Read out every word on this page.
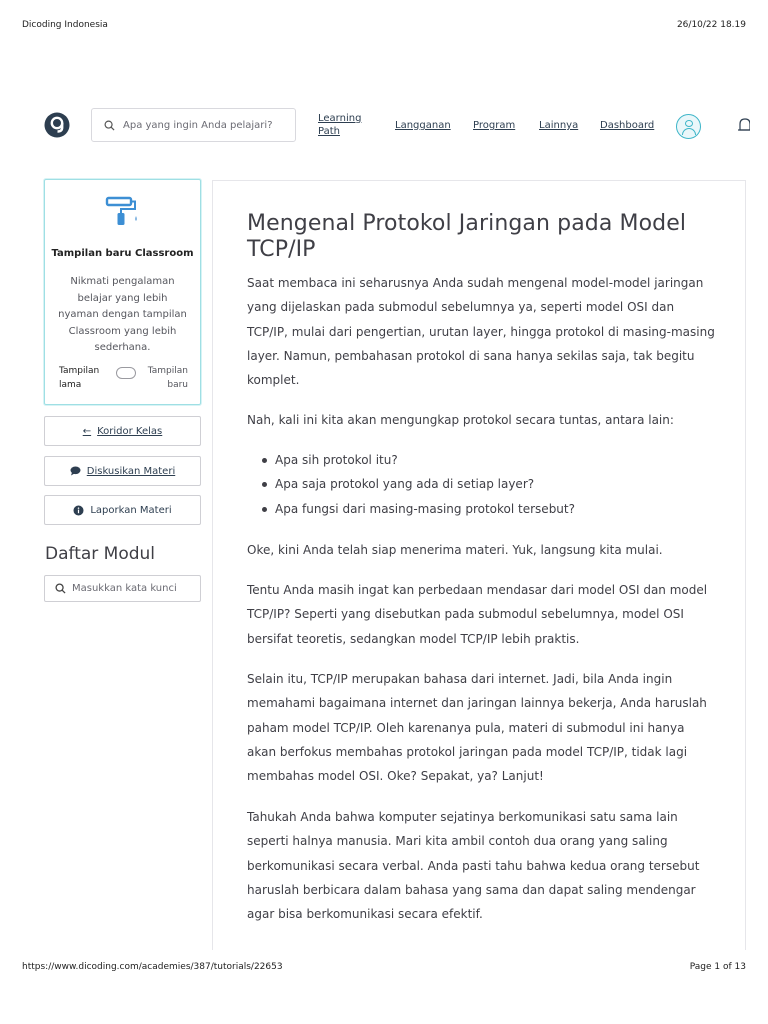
Dicoding Indonesia	26/10/22 18.19
Apa yang ingin Anda pelajari?
Learning
Path
Langganan Program Lainnya Dashboard
Tampilan baru Classroom
Nikmati pengalaman
belajar yang lebih
nyaman dengan tampilan
Classroom yang lebih
sederhana.
Tampilan
lama
Tampilan
baru
← Koridor Kelas
Diskusikan Materi
Laporkan Materi
Daftar Modul
Masukkan kata kunci
Mengenal Protokol Jaringan pada Model TCP/IP

Saat membaca ini seharusnya Anda sudah mengenal model-model jaringan yang dijelaskan pada submodul sebelumnya ya, seperti model OSI dan TCP/IP, mulai dari pengertian, urutan layer, hingga protokol di masing-masing layer. Namun, pembahasan protokol di sana hanya sekilas saja, tak begitu komplet.

Nah, kali ini kita akan mengungkap protokol secara tuntas, antara lain:

Apa sih protokol itu?
Apa saja protokol yang ada di setiap layer?
Apa fungsi dari masing-masing protokol tersebut?

Oke, kini Anda telah siap menerima materi. Yuk, langsung kita mulai.

Tentu Anda masih ingat kan perbedaan mendasar dari model OSI dan model TCP/IP? Seperti yang disebutkan pada submodul sebelumnya, model OSI bersifat teoretis, sedangkan model TCP/IP lebih praktis.

Selain itu, TCP/IP merupakan bahasa dari internet. Jadi, bila Anda ingin memahami bagaimana internet dan jaringan lainnya bekerja, Anda haruslah paham model TCP/IP. Oleh karenanya pula, materi di submodul ini hanya akan berfokus membahas protokol jaringan pada model TCP/IP, tidak lagi membahas model OSI. Oke? Sepakat, ya? Lanjut!

Tahukah Anda bahwa komputer sejatinya berkomunikasi satu sama lain seperti halnya manusia. Mari kita ambil contoh dua orang yang saling berkomunikasi secara verbal. Anda pasti tahu bahwa kedua orang tersebut haruslah berbicara dalam bahasa yang sama dan dapat saling mendengar agar bisa berkomunikasi secara efektif.

https://www.dicoding.com/academies/387/tutorials/22653	Page 1 of 13
